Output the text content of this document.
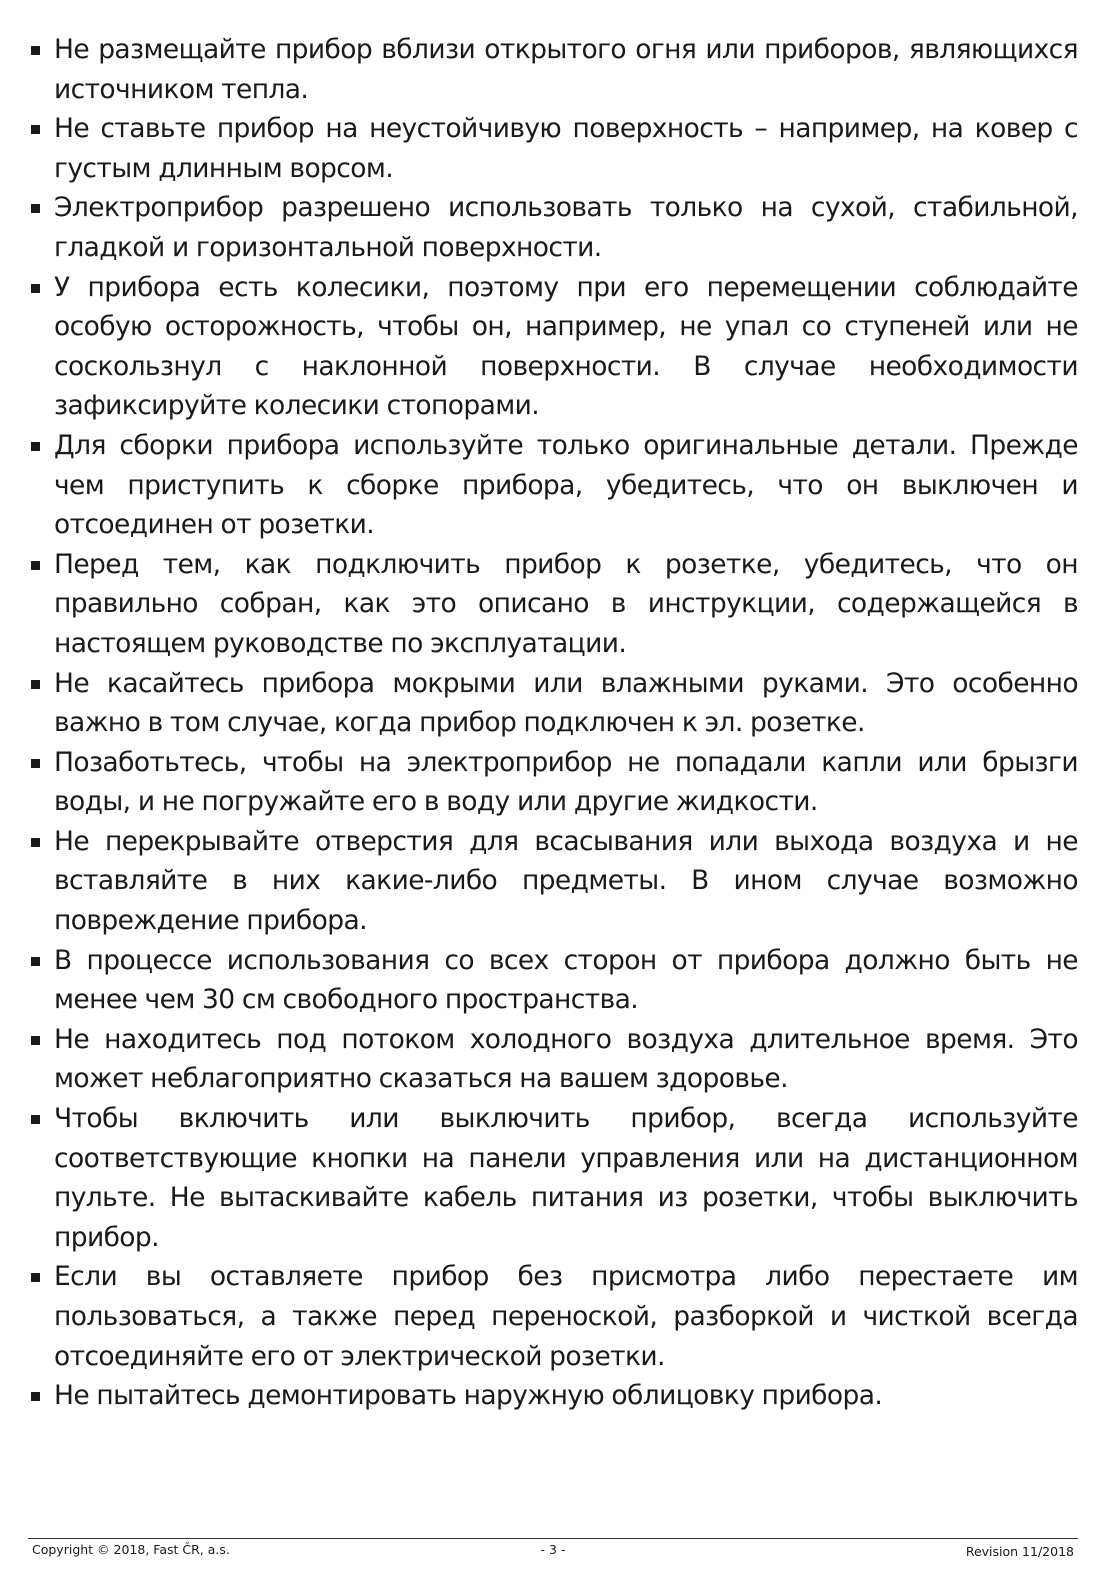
Не размещайте прибор вблизи открытого огня или приборов, являющихся источником тепла.
Не ставьте прибор на неустойчивую поверхность – например, на ковер с густым длинным ворсом.
Электроприбор разрешено использовать только на сухой, стабильной, гладкой и горизонтальной поверхности.
У прибора есть колесики, поэтому при его перемещении соблюдайте особую осторожность, чтобы он, например, не упал со ступеней или не соскользнул с наклонной поверхности. В случае необходимости зафиксируйте колесики стопорами.
Для сборки прибора используйте только оригинальные детали. Прежде чем приступить к сборке прибора, убедитесь, что он выключен и отсоединен от розетки.
Перед тем, как подключить прибор к розетке, убедитесь, что он правильно собран, как это описано в инструкции, содержащейся в настоящем руководстве по эксплуатации.
Не касайтесь прибора мокрыми или влажными руками. Это особенно важно в том случае, когда прибор подключен к эл. розетке.
Позаботьтесь, чтобы на электроприбор не попадали капли или брызги воды, и не погружайте его в воду или другие жидкости.
Не перекрывайте отверстия для всасывания или выхода воздуха и не вставляйте в них какие-либо предметы. В ином случае возможно повреждение прибора.
В процессе использования со всех сторон от прибора должно быть не менее чем 30 см свободного пространства.
Не находитесь под потоком холодного воздуха длительное время. Это может неблагоприятно сказаться на вашем здоровье.
Чтобы включить или выключить прибор, всегда используйте соответствующие кнопки на панели управления или на дистанционном пульте. Не вытаскивайте кабель питания из розетки, чтобы выключить прибор.
Если вы оставляете прибор без присмотра либо перестаете им пользоваться, а также перед переноской, разборкой и чисткой всегда отсоединяйте его от электрической розетки.
Не пытайтесь демонтировать наружную облицовку прибора.
Copyright © 2018, Fast ČR, a.s.	- 3 -	Revision 11/2018
